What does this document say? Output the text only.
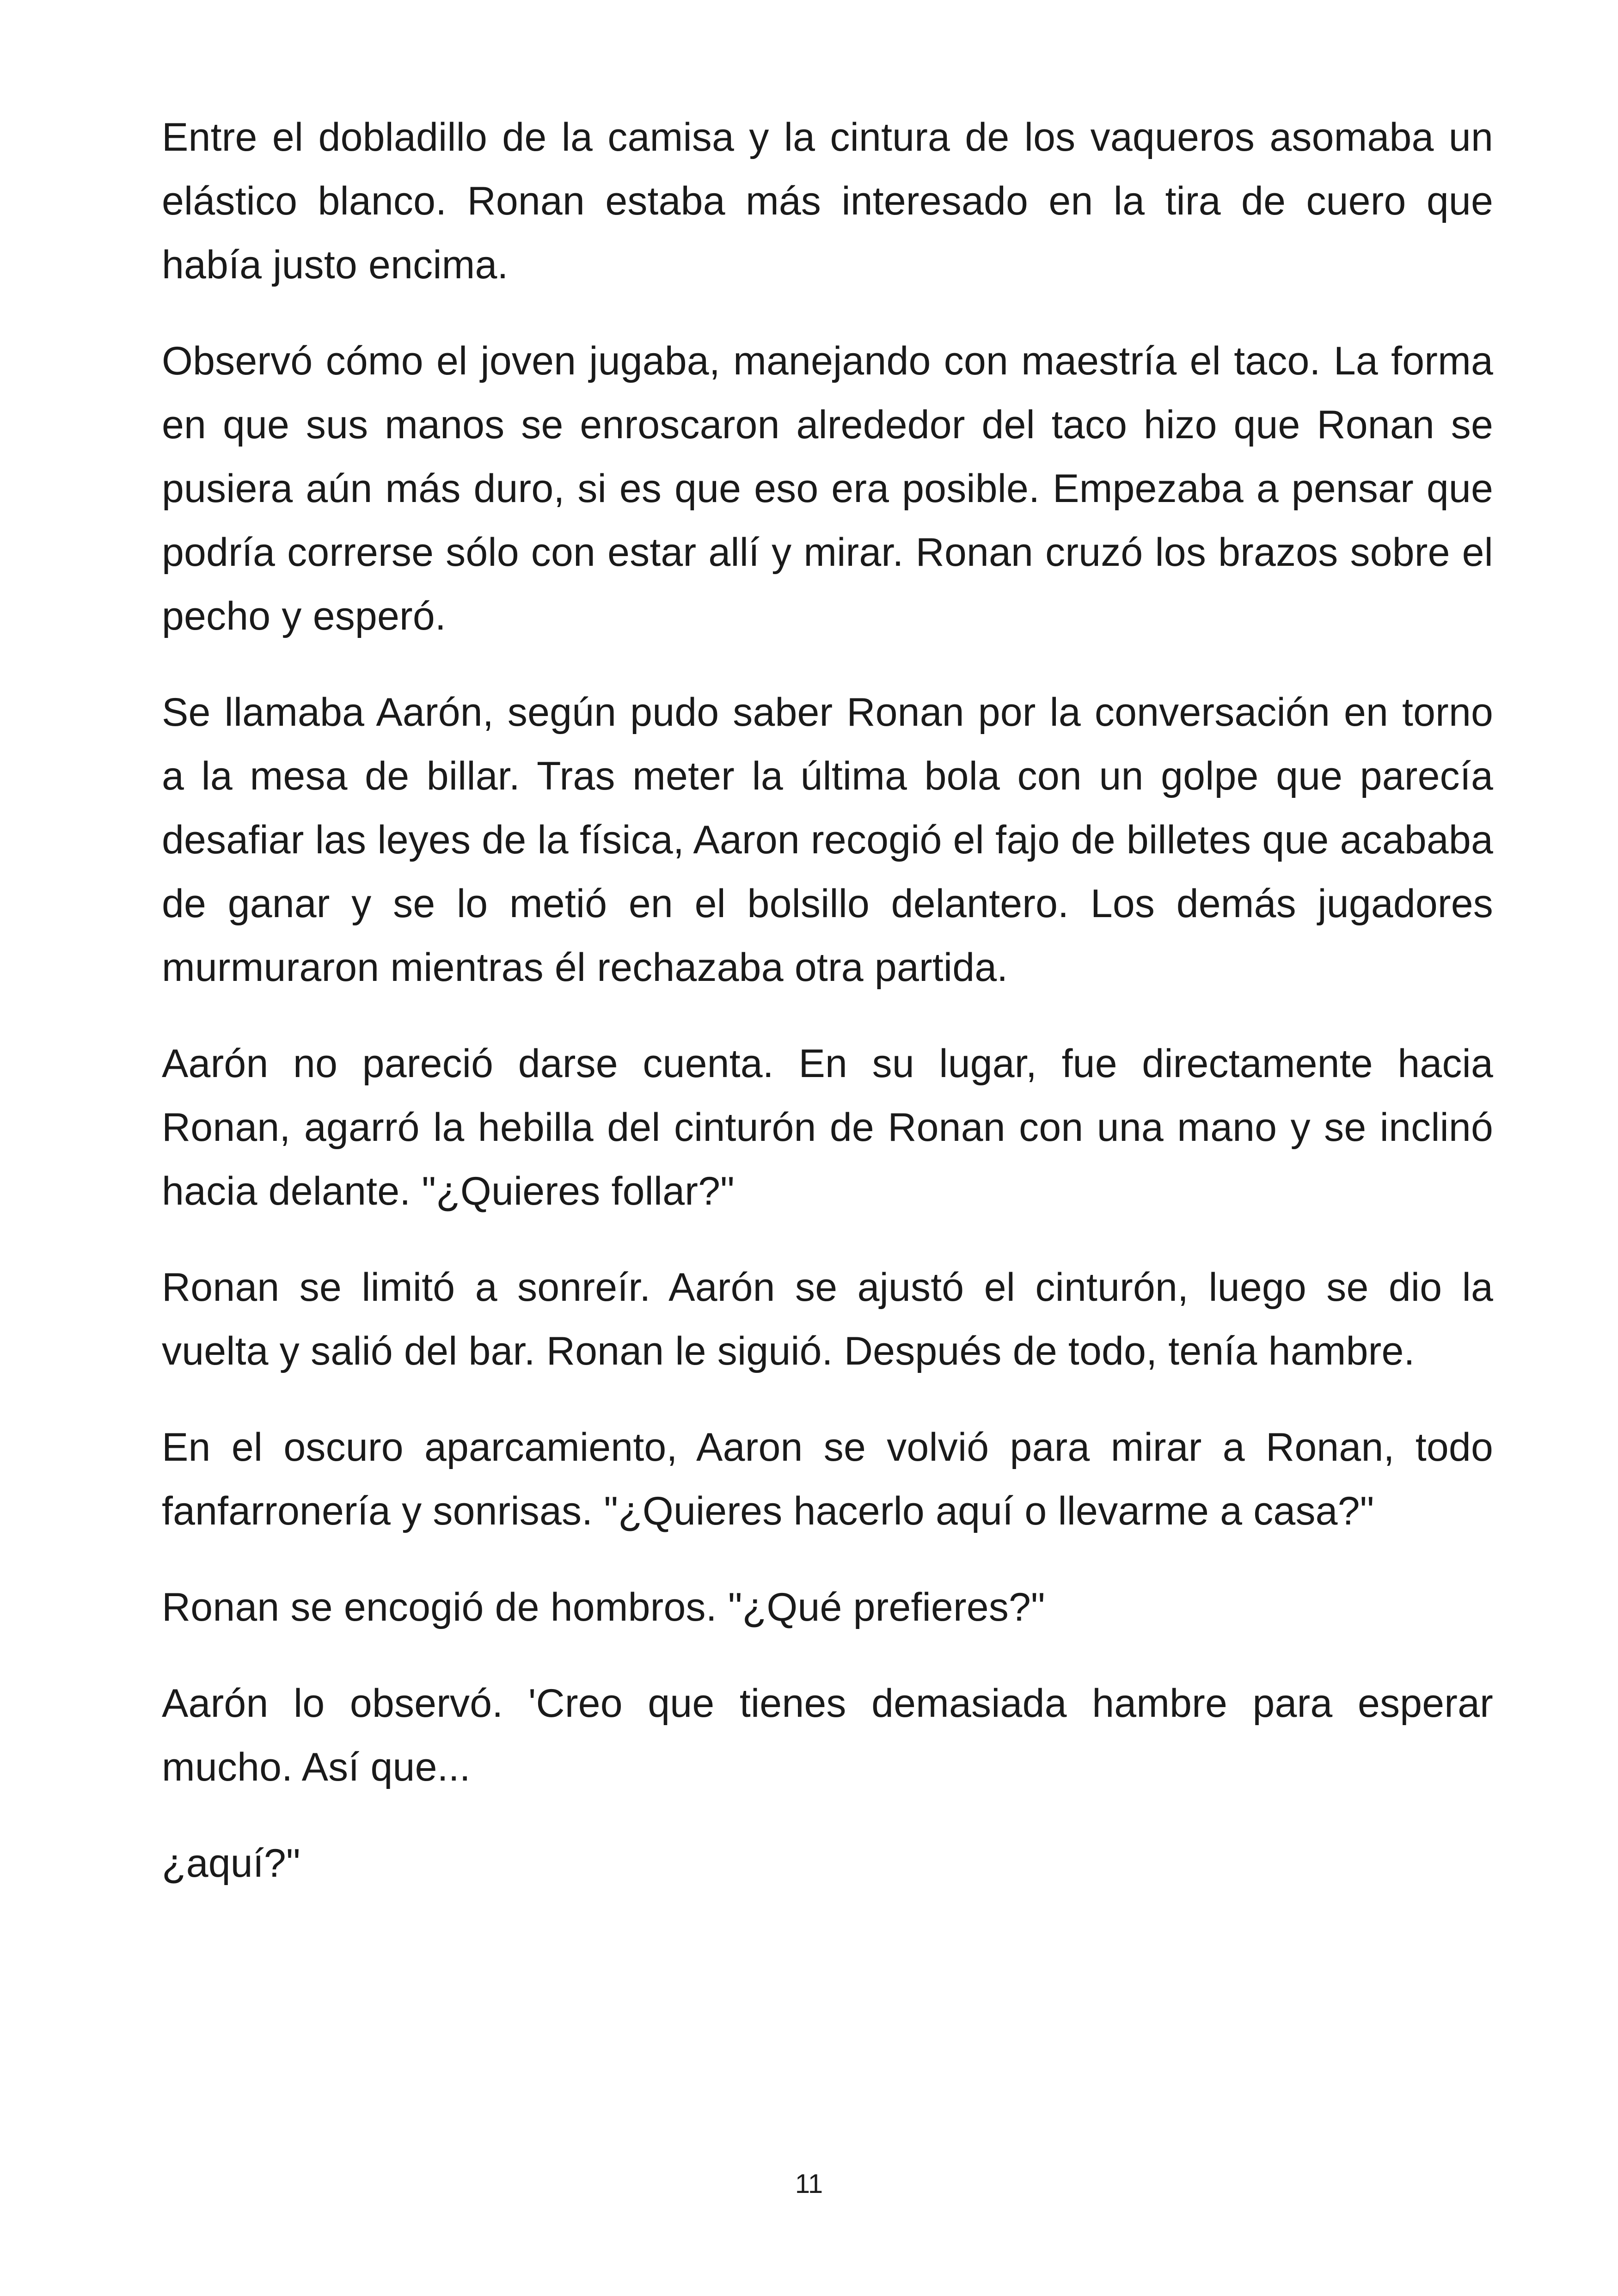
Entre el dobladillo de la camisa y la cintura de los vaqueros asomaba un elástico blanco. Ronan estaba más interesado en la tira de cuero que había justo encima.

Observó cómo el joven jugaba, manejando con maestría el taco. La forma en que sus manos se enroscaron alrededor del taco hizo que Ronan se pusiera aún más duro, si es que eso era posible. Empezaba a pensar que podría correrse sólo con estar allí y mirar. Ronan cruzó los brazos sobre el pecho y esperó.

Se llamaba Aarón, según pudo saber Ronan por la conversación en torno a la mesa de billar. Tras meter la última bola con un golpe que parecía desafiar las leyes de la física, Aaron recogió el fajo de billetes que acababa de ganar y se lo metió en el bolsillo delantero. Los demás jugadores murmuraron mientras él rechazaba otra partida.

Aarón no pareció darse cuenta. En su lugar, fue directamente hacia Ronan, agarró la hebilla del cinturón de Ronan con una mano y se inclinó hacia delante. "¿Quieres follar?"

Ronan se limitó a sonreír. Aarón se ajustó el cinturón, luego se dio la vuelta y salió del bar. Ronan le siguió. Después de todo, tenía hambre.

En el oscuro aparcamiento, Aaron se volvió para mirar a Ronan, todo fanfarronería y sonrisas. "¿Quieres hacerlo aquí o llevarme a casa?"

Ronan se encogió de hombros. "¿Qué prefieres?"

Aarón lo observó. 'Creo que tienes demasiada hambre para esperar mucho. Así que...

¿aquí?"

11
